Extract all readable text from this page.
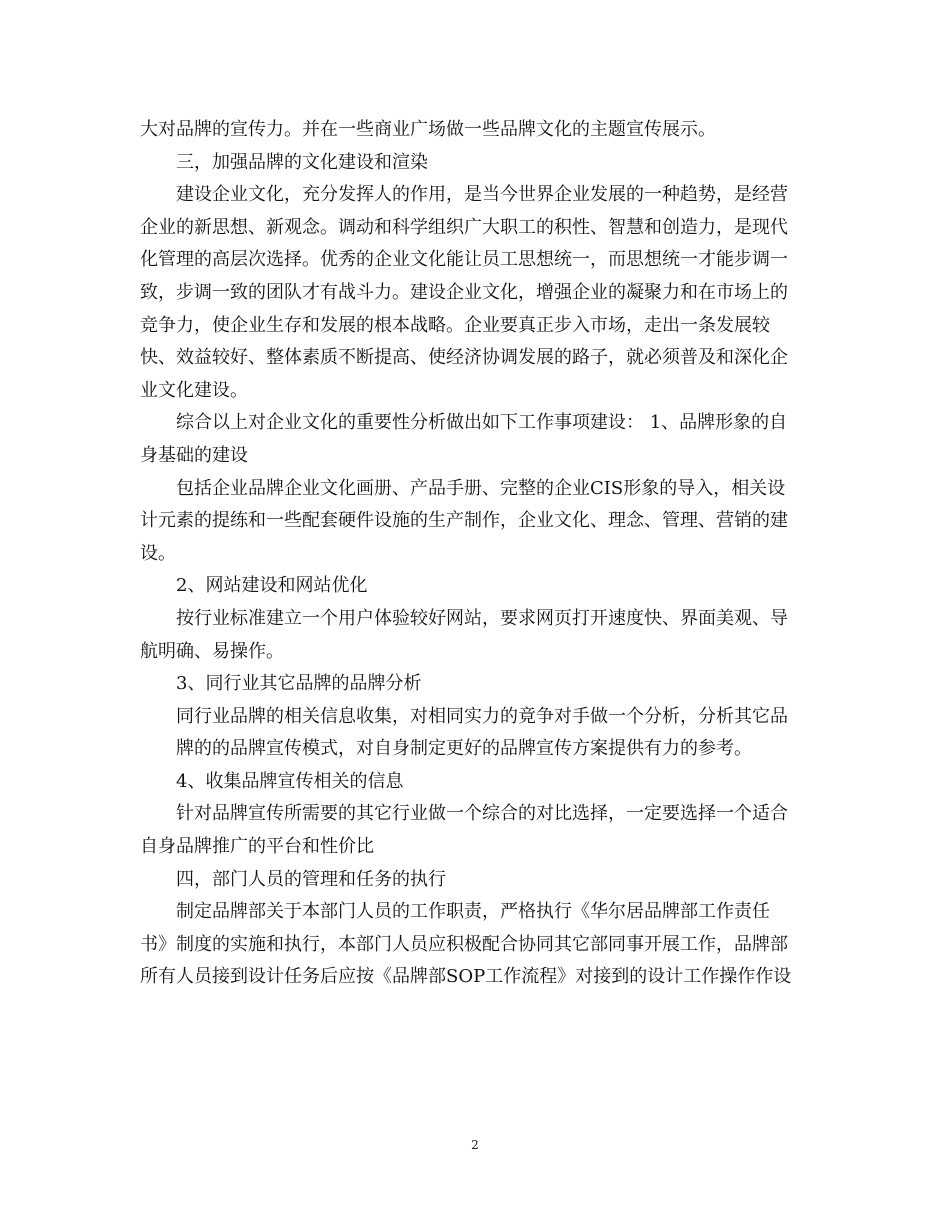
大对品牌的宣传力。并在一些商业广场做一些品牌文化的主题宣传展示。
三，加强品牌的文化建设和渲染
建设企业文化，充分发挥人的作用，是当今世界企业发展的一种趋势，是经营
企业的新思想、新观念。调动和科学组织广大职工的积性、智慧和创造力，是现代
化管理的高层次选择。优秀的企业文化能让员工思想统一，而思想统一才能步调一
致，步调一致的团队才有战斗力。建设企业文化，增强企业的凝聚力和在市场上的
竞争力，使企业生存和发展的根本战略。企业要真正步入市场，走出一条发展较
快、效益较好、整体素质不断提高、使经济协调发展的路子，就必须普及和深化企
业文化建设。
综合以上对企业文化的重要性分析做出如下工作事项建设： 1、品牌形象的自
身基础的建设
包括企业品牌企业文化画册、产品手册、完整的企业CIS形象的导入，相关设
计元素的提练和一些配套硬件设施的生产制作，企业文化、理念、管理、营销的建
设。
2、网站建设和网站优化
按行业标准建立一个用户体验较好网站，要求网页打开速度快、界面美观、导
航明确、易操作。
3、同行业其它品牌的品牌分析
同行业品牌的相关信息收集，对相同实力的竟争对手做一个分析，分析其它品
牌的的品牌宣传模式，对自身制定更好的品牌宣传方案提供有力的参考。
4、收集品牌宣传相关的信息
针对品牌宣传所需要的其它行业做一个综合的对比选择，一定要选择一个适合
自身品牌推广的平台和性价比
四，部门人员的管理和任务的执行
制定品牌部关于本部门人员的工作职责，严格执行《华尔居品牌部工作责任
书》制度的实施和执行，本部门人员应积极配合协同其它部同事开展工作，品牌部
所有人员接到设计任务后应按《品牌部SOP工作流程》对接到的设计工作操作作设
2
